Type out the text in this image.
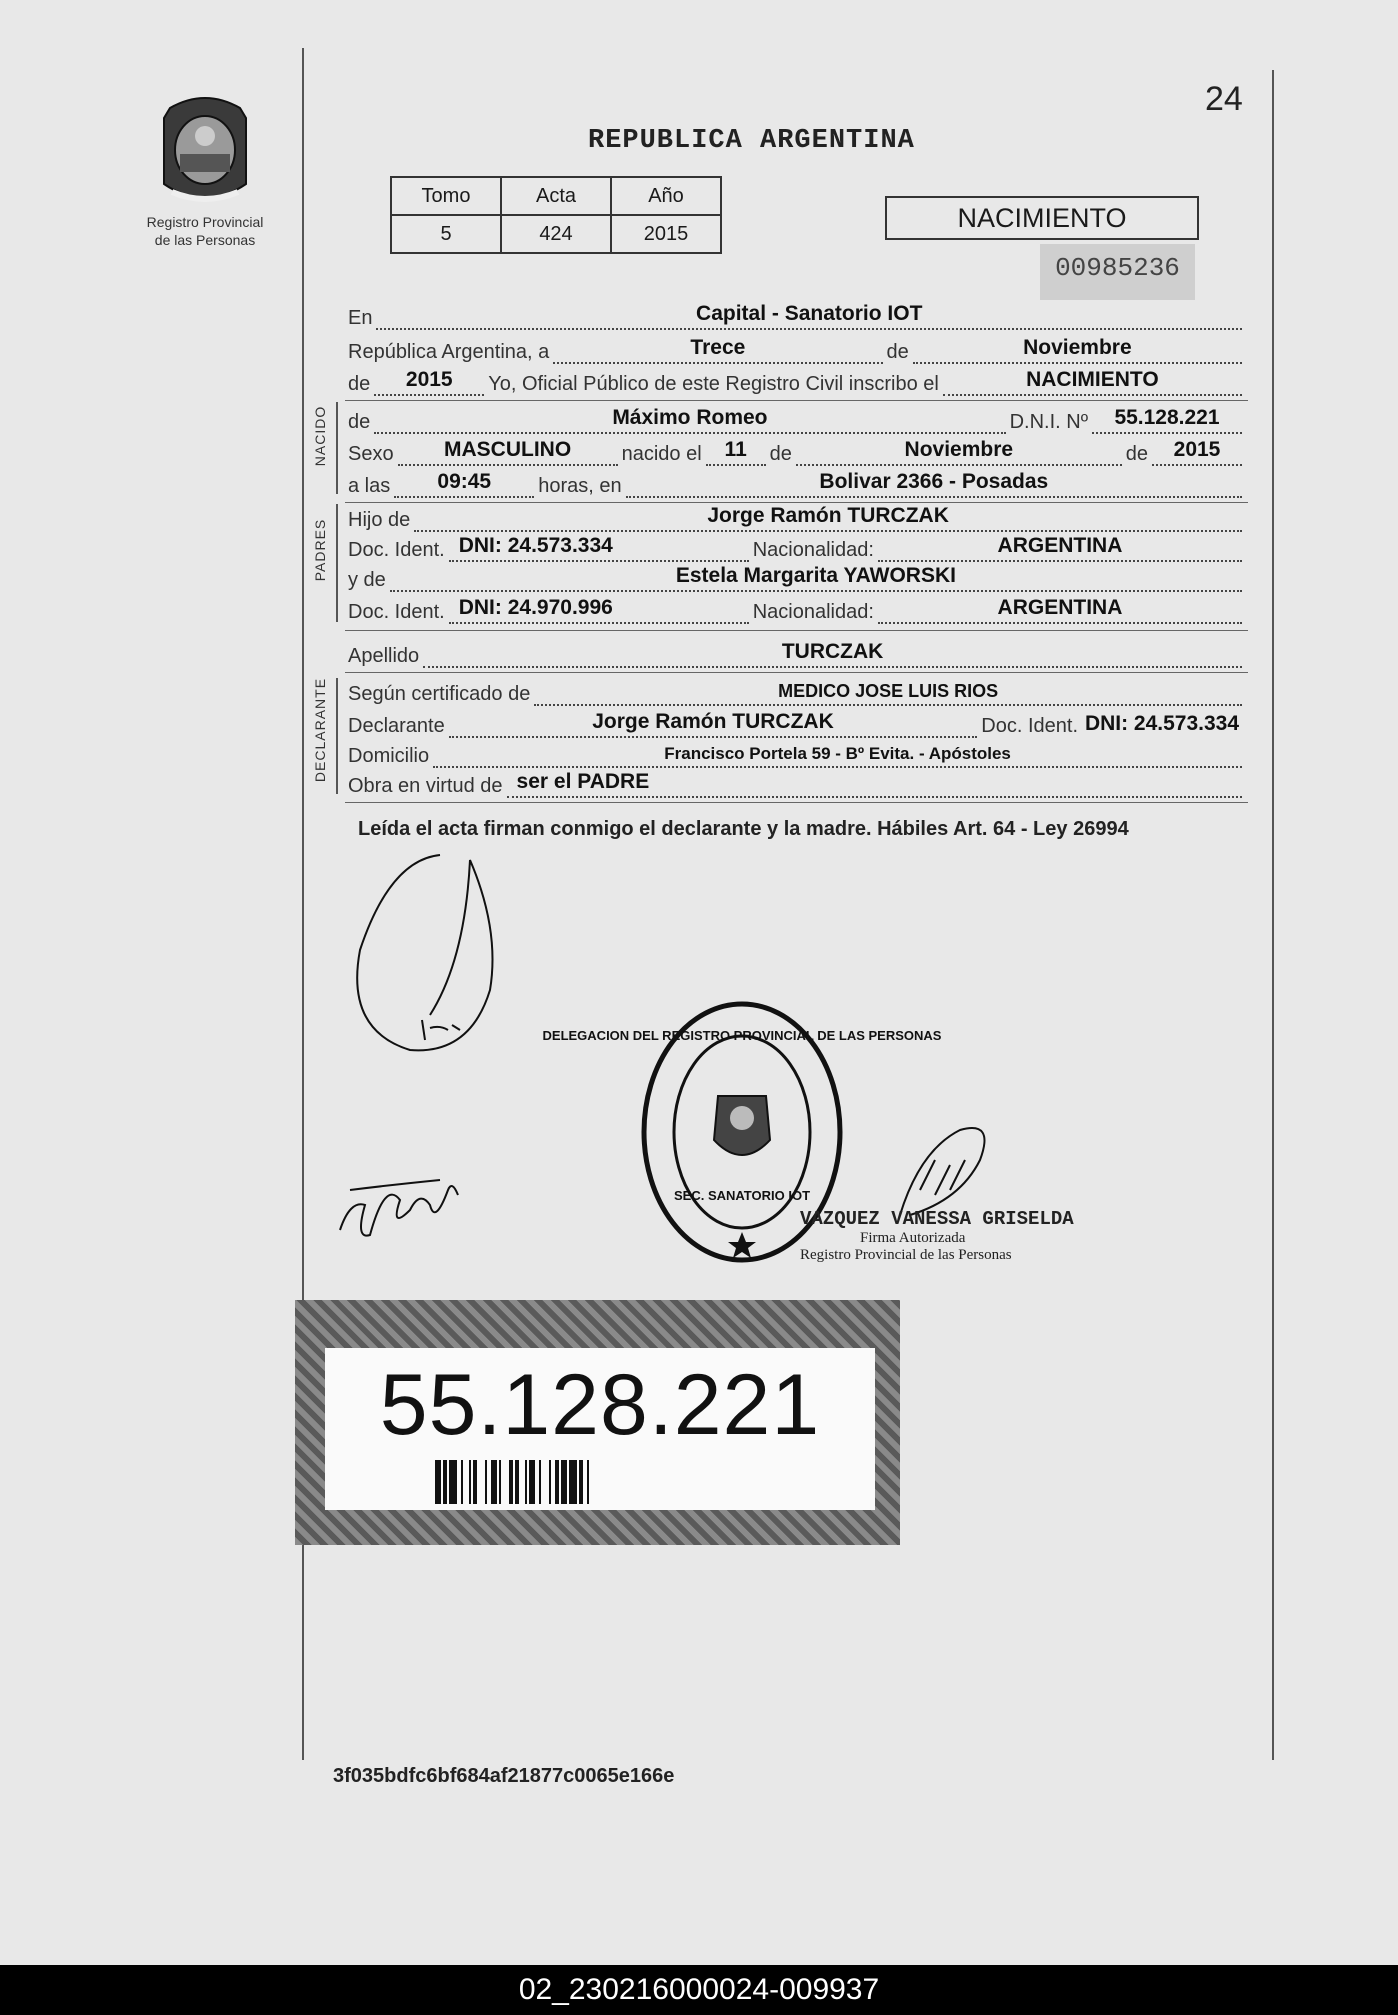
Registro Provincial
de las Personas
24
REPUBLICA ARGENTINA
Tomo	Acta	Año
5	424	2015
NACIMIENTO
00985236
En	Capital - Sanatorio IOT
República Argentina, a	Trece	de	Noviembre
de	2015	Yo, Oficial Público de este Registro Civil inscribo el	NACIMIENTO
NACIDO de	Máximo Romeo	D.N.I. Nº	55.128.221
Sexo	MASCULINO	nacido el	11	de	Noviembre	de	2015
a las	09:45	horas, en	Bolivar 2366 - Posadas
PADRES Hijo de	Jorge Ramón TURCZAK
Doc. Ident. DNI: 24.573.334	Nacionalidad:	ARGENTINA
y de	Estela Margarita YAWORSKI
Doc. Ident. DNI: 24.970.996	Nacionalidad:	ARGENTINA
Apellido	TURCZAK
DECLARANTE Según certificado de	MEDICO JOSE LUIS RIOS
Declarante	Jorge Ramón TURCZAK	Doc. Ident. DNI: 24.573.334
Domicilio	Francisco Portela 59 - Bº Evita. - Apóstoles
Obra en virtud de ser el PADRE
Leída el acta firman conmigo el declarante y la madre. Hábiles Art. 64 - Ley 26994
DELEGACION DEL REGISTRO PROVINCIAL DE LAS PERSONAS
SEC. SANATORIO IOT
VAZQUEZ VANESSA GRISELDA
Firma Autorizada
Registro Provincial de las Personas
55.128.221
3f035bdfc6bf684af21877c0065e166e
02_230216000024-009937
